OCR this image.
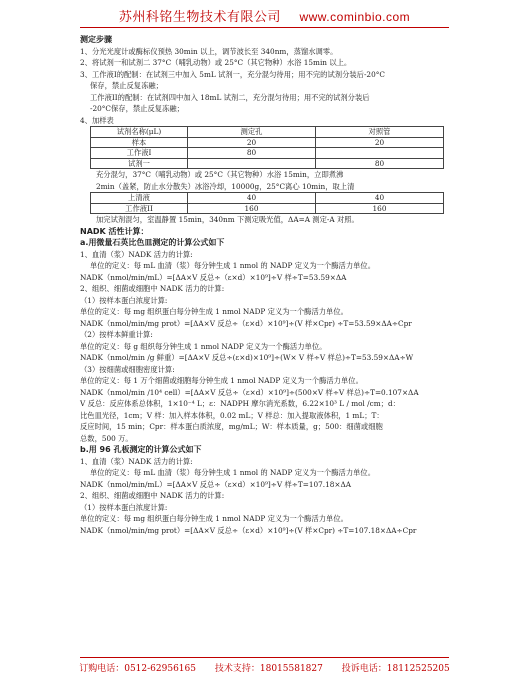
苏州科铭生物技术有限公司 www.cominbio.com

测定步骤

1、分光光度计或酶标仪预热 30min 以上，调节波长至 340nm，蒸馏水调零。

2、将试剂一和试剂二 37°C（哺乳动物）或 25°C（其它物种）水浴 15min 以上。

3、工作液I的配制：在试剂三中加入 5mL 试剂一，充分混匀待用；用不完的试剂分装后-20°C

保存，禁止反复冻融；

工作液II的配制：在试剂四中加入 18mL 试剂二，充分混匀待用；用不完的试剂分装后

-20°C保存，禁止反复冻融；

4、加样表

试剂名称(μL)	测定孔	对照管
样本	20	20
工作液I	80	
试剂一		80

充分混匀，37°C（哺乳动物）或 25°C（其它物种）水浴 15min，立即煮沸

2min（盖紧，防止水分散失）冰浴冷却，10000g，25°C离心 10min，取上清

上清液	40	40
工作液II	160	160

加完试剂混匀，室温静置 15min，340nm 下测定吸光值，ΔA=A 测定-A 对照。

NADK 活性计算：

a.用微量石英比色皿测定的计算公式如下

1、血清（浆）NADK 活力的计算:

单位的定义：每 mL 血清（浆）每分钟生成 1 nmol 的 NADP 定义为一个酶活力单位。

NADK（nmol/min/mL）=[ΔA×V 反总÷（ε×d）×10⁹]÷V 样÷T=53.59×ΔA

2、组织、细菌或细胞中 NADK 活力的计算:

（1）按样本蛋白浓度计算:

单位的定义：每 mg 组织蛋白每分钟生成 1 nmol NADP 定义为一个酶活力单位。

NADK（nmol/min/mg prot）=[ΔA×V 反总÷（ε×d）×10⁹]÷(V 样×Cpr) ÷T=53.59×ΔA÷Cpr

（2）按样本鲜重计算:

单位的定义：每 g 组织每分钟生成 1 nmol NADP 定义为一个酶活力单位。

NADK（nmol/min /g 鲜重）=[ΔA×V 反总÷(ε×d)×10⁹]÷(W× V 样÷V 样总)÷T=53.59×ΔA÷W

（3）按细菌或细胞密度计算:

单位的定义：每 1 万个细菌或细胞每分钟生成 1 nmol NADP 定义为一个酶活力单位。

NADK（nmol/min /10⁴ cell）=[ΔA×V 反总÷（ε×d）×10⁹]÷(500×V 样÷V 样总)÷T=0.107×ΔA

V 反总：反应体系总体积，1×10⁻⁴ L；ε：NADPH 摩尔消光系数，6.22×10³ L / mol /cm；d：

比色皿光径，1cm；V 样：加入样本体积，0.02 mL；V 样总：加入提取液体积，1 mL；T：

反应时间，15 min；Cpr：样本蛋白质浓度，mg/mL；W：样本质量，g；500：细菌或细胞

总数，500 万。

b.用 96 孔板测定的计算公式如下

1、血清（浆）NADK 活力的计算:

单位的定义：每 mL 血清（浆）每分钟生成 1 nmol 的 NADP 定义为一个酶活力单位。

NADK（nmol/min/mL）=[ΔA×V 反总÷（ε×d）×10⁹]÷V 样÷T=107.18×ΔA

2、组织、细菌或细胞中 NADK 活力的计算:

（1）按样本蛋白浓度计算:

单位的定义：每 mg 组织蛋白每分钟生成 1 nmol NADP 定义为一个酶活力单位。

NADK（nmol/min/mg prot）=[ΔA×V 反总÷（ε×d）×10⁹]÷(V 样×Cpr) ÷T=107.18×ΔA÷Cpr

订购电话：0512-62956165 技术支持：18015581827 投诉电话：18112525205
